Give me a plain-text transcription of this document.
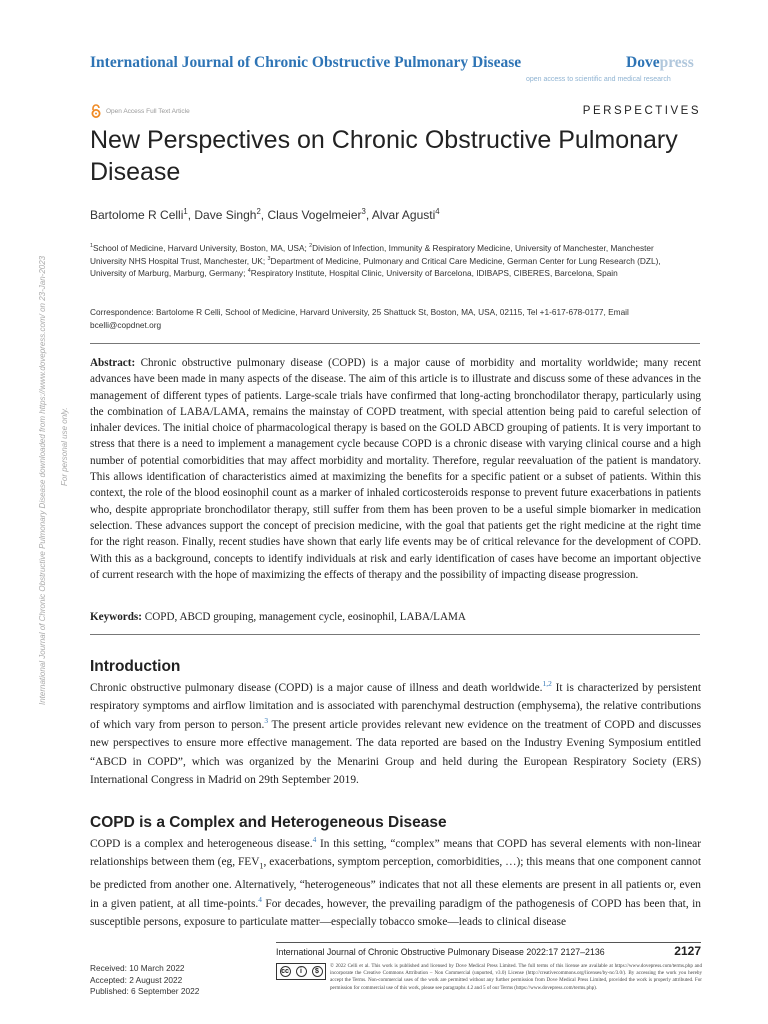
International Journal of Chronic Obstructive Pulmonary Disease	Dovepress
open access to scientific and medical research
Open Access Full Text Article	PERSPECTIVES
International Journal of Chronic Obstructive Pulmonary Disease downloaded from https://www.dovepress.com/ on 23-Jan-2023 For personal use only.
New Perspectives on Chronic Obstructive Pulmonary Disease
Bartolome R Celli$^1$, Dave Singh$^2$, Claus Vogelmeier$^3$, Alvar Agusti$^4$
$^1$School of Medicine, Harvard University, Boston, MA, USA; $^2$Division of Infection, Immunity & Respiratory Medicine, University of Manchester, Manchester University NHS Hospital Trust, Manchester, UK; $^3$Department of Medicine, Pulmonary and Critical Care Medicine, German Center for Lung Research (DZL), University of Marburg, Marburg, Germany; $^4$Respiratory Institute, Hospital Clinic, University of Barcelona, IDIBAPS, CIBERES, Barcelona, Spain
Correspondence: Bartolome R Celli, School of Medicine, Harvard University, 25 Shattuck St, Boston, MA, USA, 02115, Tel +1-617-678-0177, Email bcelli@copdnet.org
Abstract: Chronic obstructive pulmonary disease (COPD) is a major cause of morbidity and mortality worldwide; many recent advances have been made in many aspects of the disease. The aim of this article is to illustrate and discuss some of these advances in the management of different types of patients. Large-scale trials have confirmed that long-acting bronchodilator therapy, particularly using the combination of LABA/LAMA, remains the mainstay of COPD treatment, with special attention being paid to careful selection of inhaler devices. The initial choice of pharmacological therapy is based on the GOLD ABCD grouping of patients. It is very important to stress that there is a need to implement a management cycle because COPD is a chronic disease with varying clinical course and a high number of potential comorbidities that may affect morbidity and mortality. Therefore, regular reevaluation of the patient is mandatory. This allows identification of characteristics aimed at maximizing the benefits for a specific patient or a subset of patients. Within this context, the role of the blood eosinophil count as a marker of inhaled corticosteroids response to prevent future exacerbations in patients who, despite appropriate bronchodilator therapy, still suffer from them has been proven to be a useful simple biomarker in medication selection. These advances support the concept of precision medicine, with the goal that patients get the right medicine at the right time for the right reason. Finally, recent studies have shown that early life events may be of critical relevance for the development of COPD. With this as a background, concepts to identify individuals at risk and early identification of cases have become an important objective of current research with the hope of maximizing the effects of therapy and the possibility of impacting disease progression.
Keywords: COPD, ABCD grouping, management cycle, eosinophil, LABA/LAMA
Introduction
Chronic obstructive pulmonary disease (COPD) is a major cause of illness and death worldwide.$^{1,2}$ It is characterized by persistent respiratory symptoms and airflow limitation and is associated with parenchymal destruction (emphysema), the relative contributions of which vary from person to person.$^3$ The present article provides relevant new evidence on the treatment of COPD and discusses new perspectives to ensure more effective management. The data reported are based on the Industry Evening Symposium entitled “ABCD in COPD”, which was organized by the Menarini Group and held during the European Respiratory Society (ERS) International Congress in Madrid on 29th September 2019.
COPD is a Complex and Heterogeneous Disease
COPD is a complex and heterogeneous disease.$^4$ In this setting, “complex” means that COPD has several elements with non-linear relationships between them (eg, $FEV_1$, exacerbations, symptom perception, comorbidities, …); this means that one component cannot be predicted from another one. Alternatively, “heterogeneous” indicates that not all these elements are present in all patients or, even in a given patient, at all time-points.$^4$ For decades, however, the prevailing paradigm of the pathogenesis of COPD has been that, in susceptible persons, exposure to particulate matter—especially tobacco smoke—leads to clinical disease
International Journal of Chronic Obstructive Pulmonary Disease 2022:17 2127–2136	2127
Received: 10 March 2022
Accepted: 2 August 2022
Published: 6 September 2022
cc	i	$
© 2022 Celli et al. This work is published and licensed by Dove Medical Press Limited. The full terms of this license are available at https://www.dovepress.com/terms.php and incorporate the Creative Commons Attribution – Non Commercial (unported, v3.0) License (http://creativecommons.org/licenses/by-nc/3.0/). By accessing the work you hereby accept the Terms. Non-commercial uses of the work are permitted without any further permission from Dove Medical Press Limited, provided the work is properly attributed. For permission for commercial use of this work, please see paragraphs 4.2 and 5 of our Terms (https://www.dovepress.com/terms.php).
